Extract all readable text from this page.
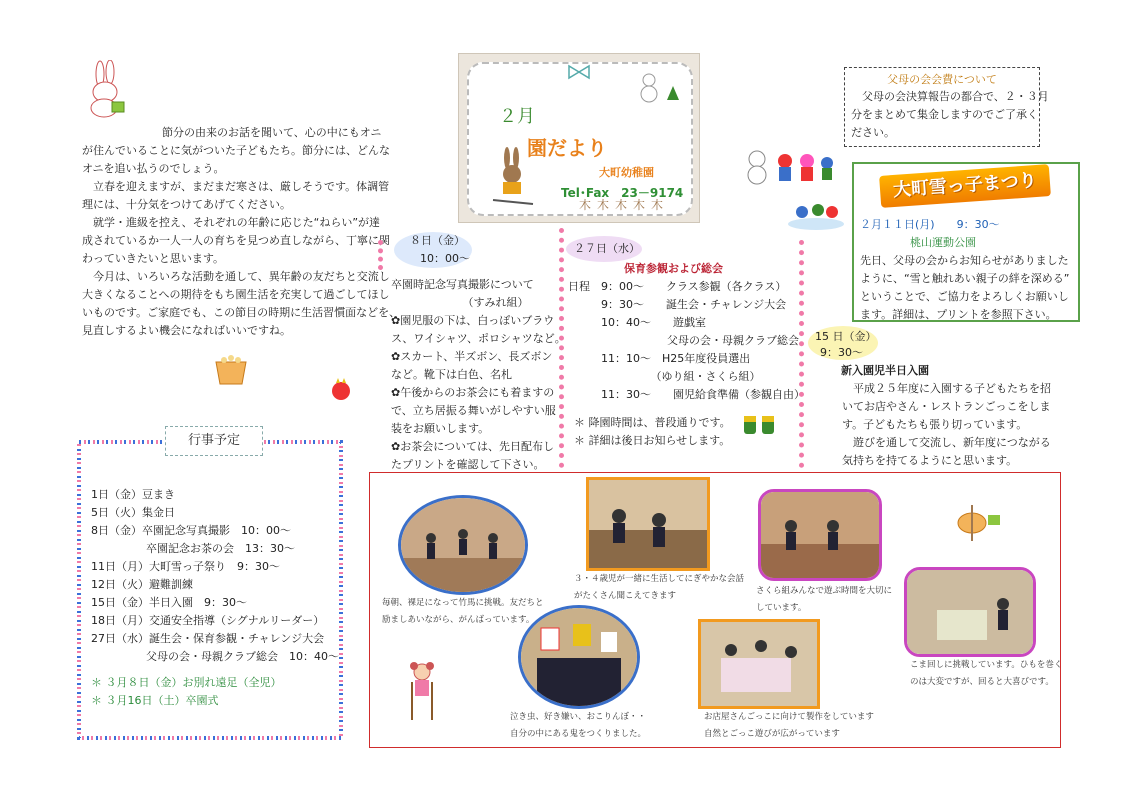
節分の由来のお話を聞いて、心の中にもオニ
が住んでいることに気がついた子どもたち。節分には、どんな
オニを追い払うのでしょう。
　立春を迎えますが、まだまだ寒さは、厳しそうです。体調管
理には、十分気をつけてあげてください。
　就学・進級を控え、それぞれの年齢に応じた“ねらい”が達
成されているか一人一人の育ちを見つめ直しながら、丁寧に関
わっていきたいと思います。
　今月は、いろいろな活動を通して、異年齢の友だちと交流し
大きくなることへの期待をもち園生活を充実して過ごしてほし
いものです。ご家庭でも、この節目の時期に生活習慣面などを、
見直しするよい機会になればいいですね。
２月
園だより
大町幼稚園
Tel･Fax　23－9174
⽊⽊⽊⽊⽊
父母の会会費について
　父母の会決算報告の都合で、２・３月
分をまとめて集金しますのでご了承く
ださい。
大町雪っ子まつり
２月１１日(月)　　9：30～
桃山運動公園
先日、父母の会からお知らせがありました
ように、“雪と触れあい親子の絆を深める”
ということで、ご協力をよろしくお願いし
ます。詳細は、プリントを参照下さい。
８日（金）
10：00～
卒園時記念写真撮影について
　　　　　　　（すみれ組）
✿園児服の下は、白っぽいブラウ
ス、ワイシャツ、ポロシャツなど。
✿スカート、半ズボン、長ズボン
など。靴下は白色、名札
✿午後からのお茶会にも着ますの
で、立ち居振る舞いがしやすい服
装をお願いします。
✿お茶会については、先日配布し
たプリントを確認して下さい。
２７日（水）
保育参観および総会
日程　9：00～　　クラス参観（各クラス）
　　　9：30～　　誕生会・チャレンジ大会
　　　10：40～　　遊戯室
　　　　　　　　　父母の会・母親クラブ総会
　　　11：10～　H25年度役員選出
　　　　　　　　（ゆり組・さくら組）
　　　11：30～　　園児給食準備（参観自由）
＊ 降園時間は、普段通りです。
＊ 詳細は後日お知らせします。
15 日（金）
9：30～
新入園児半日入園
　平成２５年度に入園する子どもたちを招
いてお店やさん・レストランごっこをしま
す。子どもたちも張り切っています。
　遊びを通して交流し、新年度につながる
気持ちを持てるようにと思います。
行事予定
1日（金）豆まき
5日（火）集金日
8日（金）卒園記念写真撮影　10：00～
　　　　　卒園記念お茶の会　13：30～
11日（月）大町雪っ子祭り　9：30～
12日（火）避難訓練
15日（金）半日入園　9：30～
18日（月）交通安全指導（シグナルリーダー）
27日（水）誕生会・保育参観・チャレンジ大会
　　　　　父母の会・母親クラブ総会　10：40～
＊ ３月８日（金）お別れ遠足（全児）
＊ ３月16日（土）卒園式
毎朝、裸足になって竹馬に挑戦。友だちと
励ましあいながら、がんばっています。
３・４歳児が一緒に生活してにぎやかな会話
がたくさん聞こえてきます	さくら組みんなで遊ぶ時間を大切に
しています。
こま回しに挑戦しています。ひもを巻く
のは大変ですが、回ると大喜びです。
泣き虫、好き嫌い、おこりんぼ・・
自分の中にある鬼をつくりました。
お店屋さんごっこに向けて製作をしています
自然とごっこ遊びが広がっています
